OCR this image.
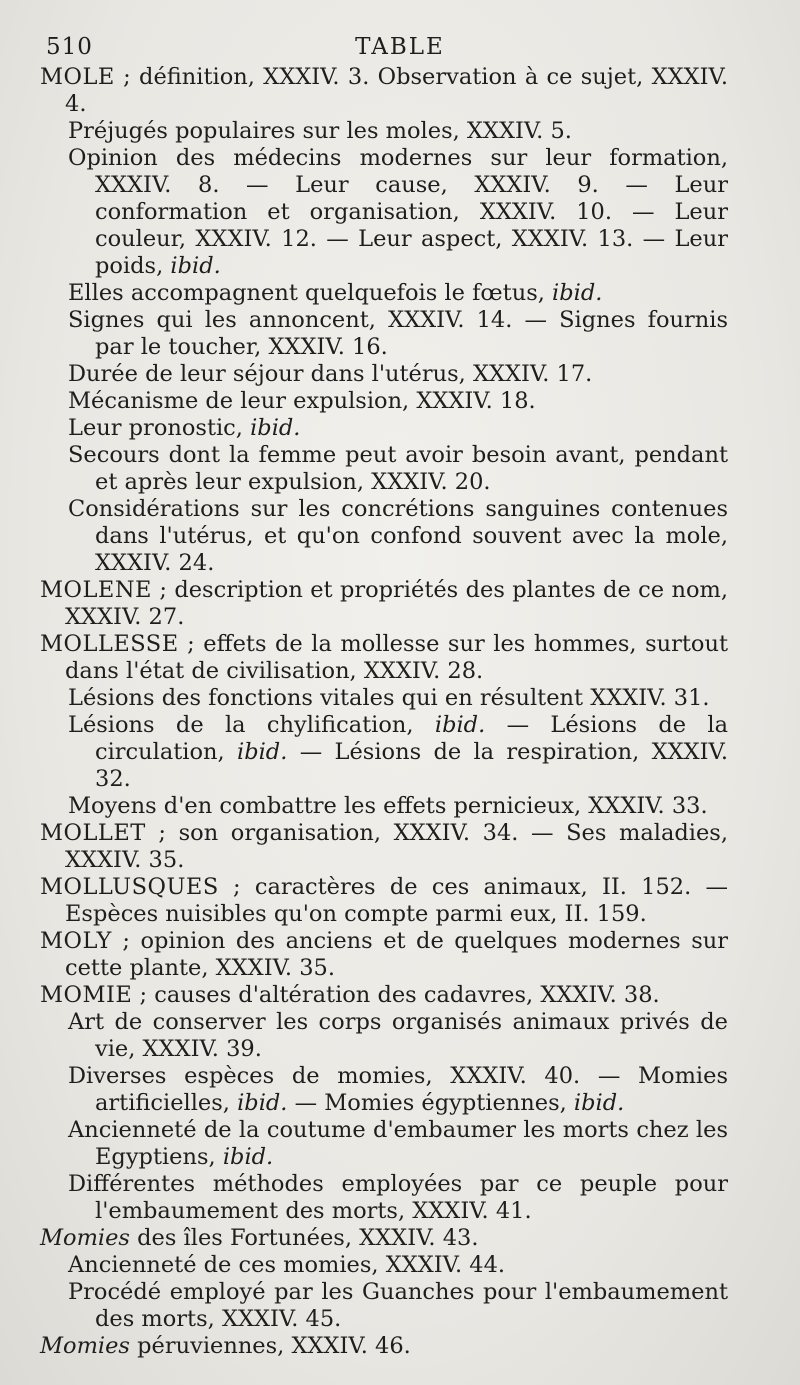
510	TABLE

MOLE ; définition, XXXIV. 3. Observation à ce sujet, XXXIV. 4.

Préjugés populaires sur les moles, XXXIV. 5.

Opinion des médecins modernes sur leur formation, XXXIV. 8. — Leur cause, XXXIV. 9. — Leur conformation et organisation, XXXIV. 10. — Leur couleur, XXXIV. 12. — Leur aspect, XXXIV. 13. — Leur poids, ibid.

Elles accompagnent quelquefois le fœtus, ibid.

Signes qui les annoncent, XXXIV. 14. — Signes fournis par le toucher, XXXIV. 16.

Durée de leur séjour dans l'utérus, XXXIV. 17.

Mécanisme de leur expulsion, XXXIV. 18.

Leur pronostic, ibid.

Secours dont la femme peut avoir besoin avant, pendant et après leur expulsion, XXXIV. 20.

Considérations sur les concrétions sanguines contenues dans l'utérus, et qu'on confond souvent avec la mole, XXXIV. 24.

MOLENE ; description et propriétés des plantes de ce nom, XXXIV. 27.

MOLLESSE ; effets de la mollesse sur les hommes, surtout dans l'état de civilisation, XXXIV. 28.

Lésions des fonctions vitales qui en résultent XXXIV. 31.

Lésions de la chylification, ibid. — Lésions de la circulation, ibid. — Lésions de la respiration, XXXIV. 32.

Moyens d'en combattre les effets pernicieux, XXXIV. 33.

MOLLET ; son organisation, XXXIV. 34. — Ses maladies, XXXIV. 35.

MOLLUSQUES ; caractères de ces animaux, II. 152. — Espèces nuisibles qu'on compte parmi eux, II. 159.

MOLY ; opinion des anciens et de quelques modernes sur cette plante, XXXIV. 35.

MOMIE ; causes d'altération des cadavres, XXXIV. 38.

Art de conserver les corps organisés animaux privés de vie, XXXIV. 39.

Diverses espèces de momies, XXXIV. 40. — Momies artificielles, ibid. — Momies égyptiennes, ibid.

Ancienneté de la coutume d'embaumer les morts chez les Egyptiens, ibid.

Différentes méthodes employées par ce peuple pour l'embaumement des morts, XXXIV. 41.

Momies des îles Fortunées, XXXIV. 43.

Ancienneté de ces momies, XXXIV. 44.

Procédé employé par les Guanches pour l'embaumement des morts, XXXIV. 45.

Momies péruviennes, XXXIV. 46.
